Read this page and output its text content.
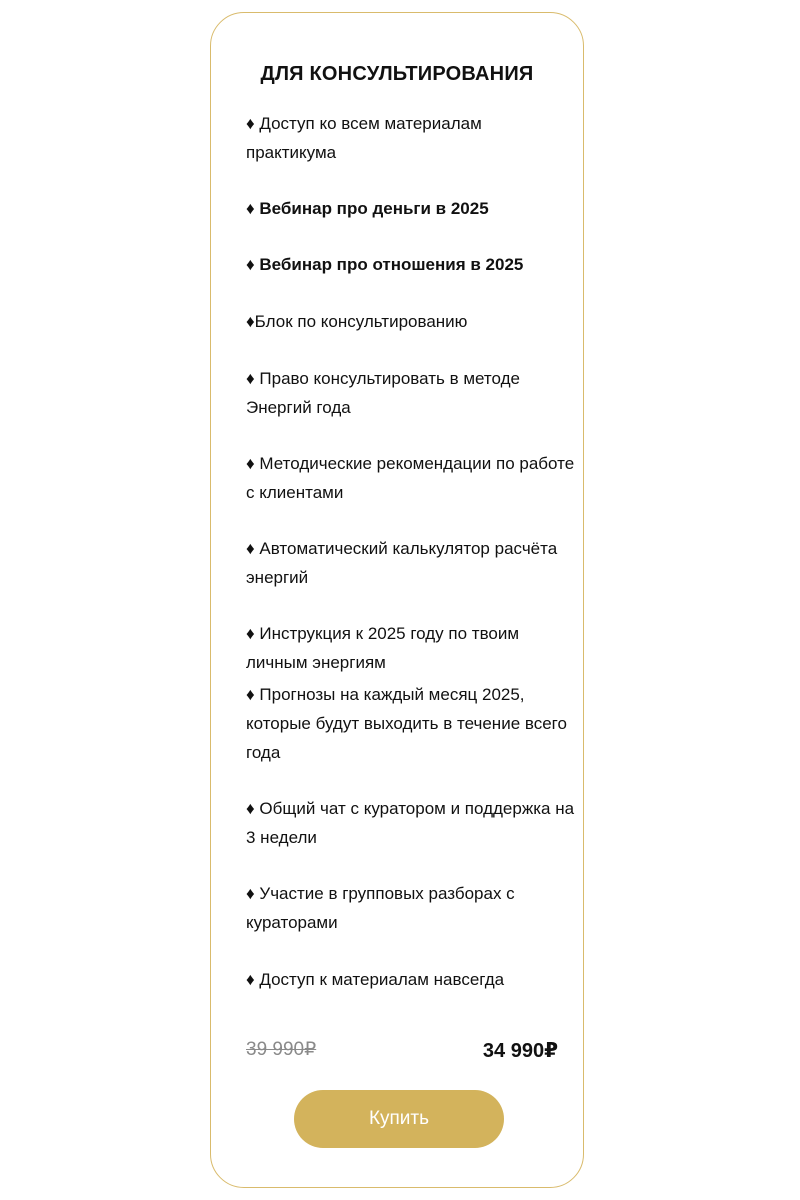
ДЛЯ КОНСУЛЬТИРОВАНИЯ

♦ Доступ ко всем материалам практикума

♦ Вебинар про деньги в 2025

♦ Вебинар про отношения в 2025

♦Блок по консультированию

♦ Право консультировать в методе Энергий года

♦ Методические рекомендации по работе с клиентами

♦ Автоматический калькулятор расчёта энергий

♦ Инструкция к 2025 году по твоим личным энергиям

♦ Прогнозы на каждый месяц 2025, которые будут выходить в течение всего года

♦ Общий чат с куратором и поддержка на 3 недели

♦ Участие в групповых разборах с кураторами

♦ Доступ к материалам навсегда

39 990₽	34 990₽
Купить
